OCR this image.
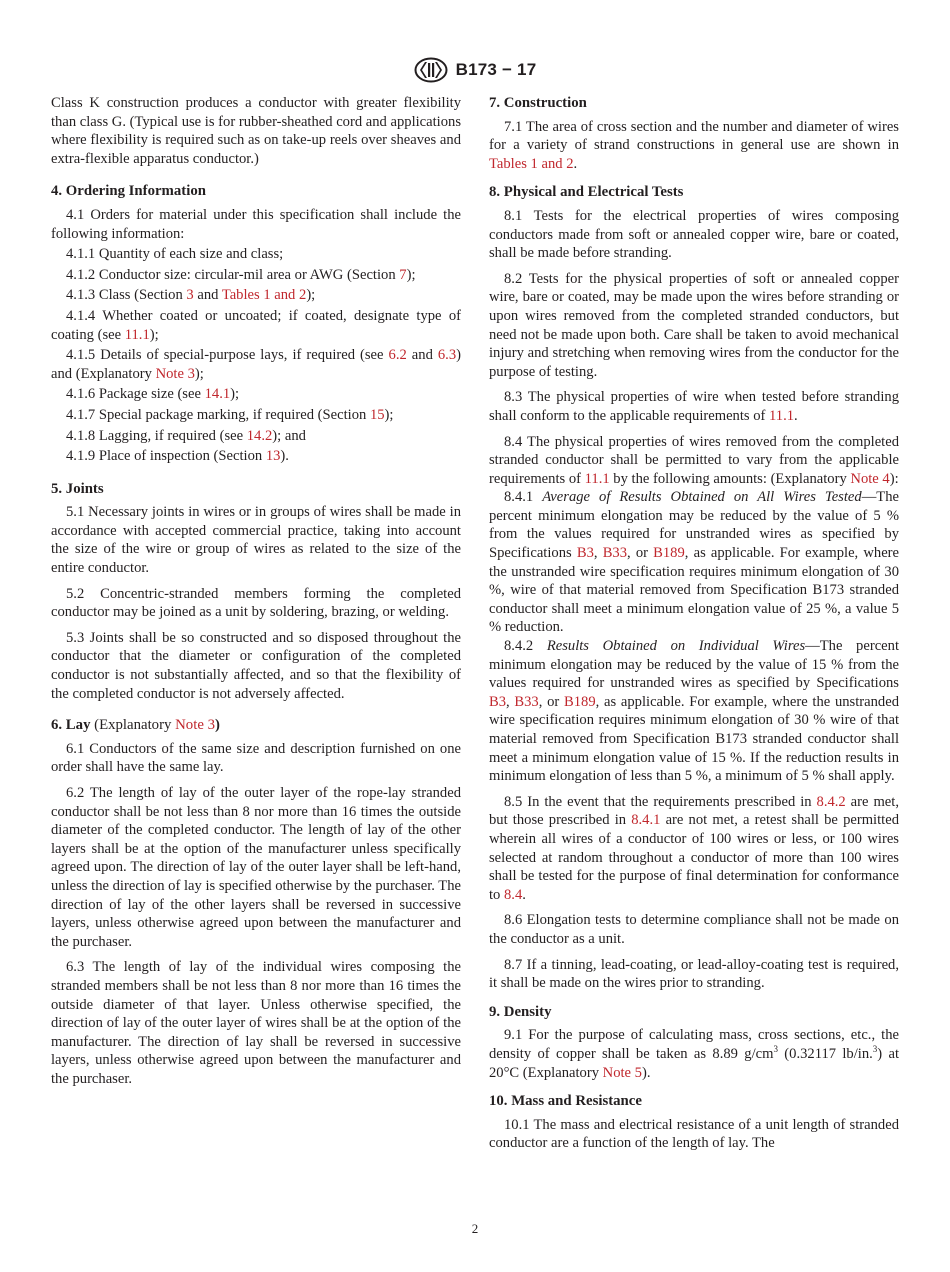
B173 − 17

Class K construction produces a conductor with greater flexibility than class G. (Typical use is for rubber-sheathed cord and applications where flexibility is required such as on take-up reels over sheaves and extra-flexible apparatus conductor.)

4. Ordering Information

4.1 Orders for material under this specification shall include the following information:

4.1.1 Quantity of each size and class;

4.1.2 Conductor size: circular-mil area or AWG (Section 7);

4.1.3 Class (Section 3 and Tables 1 and 2);

4.1.4 Whether coated or uncoated; if coated, designate type of coating (see 11.1);

4.1.5 Details of special-purpose lays, if required (see 6.2 and 6.3) and (Explanatory Note 3);

4.1.6 Package size (see 14.1);

4.1.7 Special package marking, if required (Section 15);

4.1.8 Lagging, if required (see 14.2); and

4.1.9 Place of inspection (Section 13).

5. Joints

5.1 Necessary joints in wires or in groups of wires shall be made in accordance with accepted commercial practice, taking into account the size of the wire or group of wires as related to the size of the entire conductor.

5.2 Concentric-stranded members forming the completed conductor may be joined as a unit by soldering, brazing, or welding.

5.3 Joints shall be so constructed and so disposed throughout the conductor that the diameter or configuration of the completed conductor is not substantially affected, and so that the flexibility of the completed conductor is not adversely affected.

6. Lay (Explanatory Note 3)

6.1 Conductors of the same size and description furnished on one order shall have the same lay.

6.2 The length of lay of the outer layer of the rope-lay stranded conductor shall be not less than 8 nor more than 16 times the outside diameter of the completed conductor. The length of lay of the other layers shall be at the option of the manufacturer unless specifically agreed upon. The direction of lay of the outer layer shall be left-hand, unless the direction of lay is specified otherwise by the purchaser. The direction of lay of the other layers shall be reversed in successive layers, unless otherwise agreed upon between the manufacturer and the purchaser.

6.3 The length of lay of the individual wires composing the stranded members shall be not less than 8 nor more than 16 times the outside diameter of that layer. Unless otherwise specified, the direction of lay of the outer layer of wires shall be at the option of the manufacturer. The direction of lay shall be reversed in successive layers, unless otherwise agreed upon between the manufacturer and the purchaser.

7. Construction

7.1 The area of cross section and the number and diameter of wires for a variety of strand constructions in general use are shown in Tables 1 and 2.

8. Physical and Electrical Tests

8.1 Tests for the electrical properties of wires composing conductors made from soft or annealed copper wire, bare or coated, shall be made before stranding.

8.2 Tests for the physical properties of soft or annealed copper wire, bare or coated, may be made upon the wires before stranding or upon wires removed from the completed stranded conductors, but need not be made upon both. Care shall be taken to avoid mechanical injury and stretching when removing wires from the conductor for the purpose of testing.

8.3 The physical properties of wire when tested before stranding shall conform to the applicable requirements of 11.1.

8.4 The physical properties of wires removed from the completed stranded conductor shall be permitted to vary from the applicable requirements of 11.1 by the following amounts: (Explanatory Note 4):

8.4.1 Average of Results Obtained on All Wires Tested—The percent minimum elongation may be reduced by the value of 5 % from the values required for unstranded wires as specified by Specifications B3, B33, or B189, as applicable. For example, where the unstranded wire specification requires minimum elongation of 30 %, wire of that material removed from Specification B173 stranded conductor shall meet a minimum elongation value of 25 %, a value 5 % reduction.

8.4.2 Results Obtained on Individual Wires—The percent minimum elongation may be reduced by the value of 15 % from the values required for unstranded wires as specified by Specifications B3, B33, or B189, as applicable. For example, where the unstranded wire specification requires minimum elongation of 30 % wire of that material removed from Specification B173 stranded conductor shall meet a minimum elongation value of 15 %. If the reduction results in minimum elongation of less than 5 %, a minimum of 5 % shall apply.

8.5 In the event that the requirements prescribed in 8.4.2 are met, but those prescribed in 8.4.1 are not met, a retest shall be permitted wherein all wires of a conductor of 100 wires or less, or 100 wires selected at random throughout a conductor of more than 100 wires shall be tested for the purpose of final determination for conformance to 8.4.

8.6 Elongation tests to determine compliance shall not be made on the conductor as a unit.

8.7 If a tinning, lead-coating, or lead-alloy-coating test is required, it shall be made on the wires prior to stranding.

9. Density

9.1 For the purpose of calculating mass, cross sections, etc., the density of copper shall be taken as 8.89 $g/cm^3$ (0.32117 lb/in.$^3$) at 20°C (Explanatory Note 5).

10. Mass and Resistance

10.1 The mass and electrical resistance of a unit length of stranded conductor are a function of the length of lay. The

2
